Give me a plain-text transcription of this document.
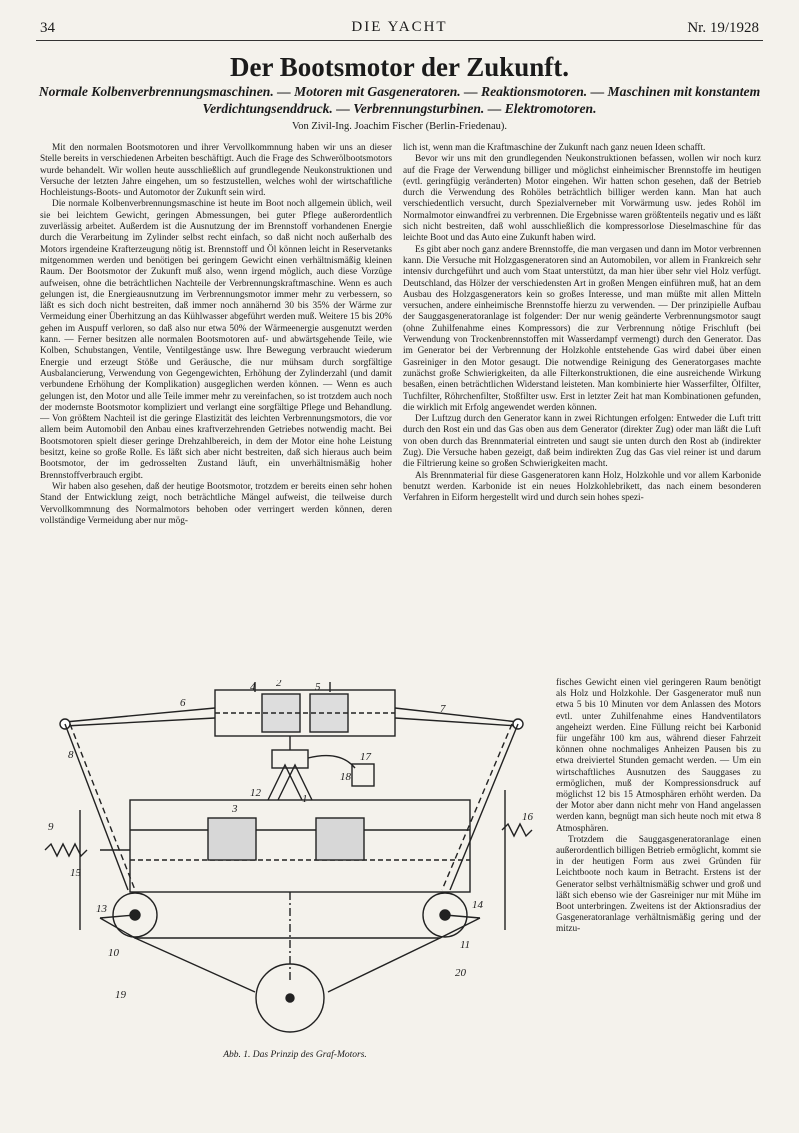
34	DIE YACHT	Nr. 19/1928
Der Bootsmotor der Zukunft.
Normale Kolbenverbrennungsmaschinen. — Motoren mit Gasgeneratoren. — Reaktionsmotoren. — Maschinen mit konstantem Verdichtungsenddruck. — Verbrennungsturbinen. — Elektromotoren.
Von Zivil-Ing. Joachim Fischer (Berlin-Friedenau).

Mit den normalen Bootsmotoren und ihrer Vervollkommnung haben wir uns an dieser Stelle bereits in verschiedenen Arbeiten beschäftigt. Auch die Frage des Schwerölbootsmotors wurde behandelt. Wir wollen heute ausschließlich auf grundlegende Neukonstruktionen und Versuche der letzten Jahre eingehen, um so festzustellen, welches wohl der wirtschaftliche Hochleistungs-Boots- und Automotor der Zukunft sein wird.

Die normale Kolbenverbrennungsmaschine ist heute im Boot noch allgemein üblich, weil sie bei leichtem Gewicht, geringen Abmessungen, bei guter Pflege außerordentlich zuverlässig arbeitet. Außerdem ist die Ausnutzung der im Brennstoff vorhandenen Energie durch die Verarbeitung im Zylinder selbst recht einfach, so daß nicht noch außerhalb des Motors irgendeine Krafterzeugung nötig ist. Brennstoff und Öl können leicht in Reservetanks mitgenommen werden und benötigen bei geringem Gewicht einen verhältnismäßig kleinen Raum. Der Bootsmotor der Zukunft muß also, wenn irgend möglich, auch diese Vorzüge aufweisen, ohne die beträchtlichen Nachteile der Verbrennungskraftmaschine. Wenn es auch gelungen ist, die Energieausnutzung im Verbrennungsmotor immer mehr zu verbessern, so läßt es sich doch nicht bestreiten, daß immer noch annähernd 30 bis 35% der Wärme zur Vermeidung einer Überhitzung an das Kühlwasser abgeführt werden muß. Weitere 15 bis 20% gehen im Auspuff verloren, so daß also nur etwa 50% der Wärmeenergie ausgenutzt werden kann. — Ferner besitzen alle normalen Bootsmotoren auf- und abwärtsgehende Teile, wie Kolben, Schubstangen, Ventile, Ventilgestänge usw. Ihre Bewegung verbraucht wiederum Energie und erzeugt Stöße und Geräusche, die nur mühsam durch sorgfältige Ausbalancierung, Verwendung von Gegengewichten, Erhöhung der Zylinderzahl (und damit verbundene Erhöhung der Komplikation) ausgeglichen werden können. — Wenn es auch gelungen ist, den Motor und alle Teile immer mehr zu vereinfachen, so ist trotzdem auch noch der modernste Bootsmotor kompliziert und verlangt eine sorgfältige Pflege und Behandlung. — Von größtem Nachteil ist die geringe Elastizität des leichten Verbrennungsmotors, die vor allem beim Automobil den Anbau eines kraftverzehrenden Getriebes notwendig macht. Bei Bootsmotoren spielt dieser geringe Drehzahlbereich, in dem der Motor eine hohe Leistung besitzt, keine so große Rolle. Es läßt sich aber nicht bestreiten, daß sich hieraus auch beim Bootsmotor, der im gedrosselten Zustand läuft, ein unverhältnismäßig hoher Brennstoffverbrauch ergibt.

Wir haben also gesehen, daß der heutige Bootsmotor, trotzdem er bereits einen sehr hohen Stand der Entwicklung zeigt, noch beträchtliche Mängel aufweist, die teilweise durch Vervollkommnung des Normalmotors behoben oder verringert werden können, deren vollständige Vermeidung aber nur mög-

lich ist, wenn man die Kraftmaschine der Zukunft nach ganz neuen Ideen schafft.

Bevor wir uns mit den grundlegenden Neukonstruktionen befassen, wollen wir noch kurz auf die Frage der Verwendung billiger und möglichst einheimischer Brennstoffe im heutigen (evtl. geringfügig veränderten) Motor eingehen. Wir hatten schon gesehen, daß der Betrieb durch die Verwendung des Rohöles beträchtlich billiger werden kann. Man hat auch verschiedentlich versucht, durch Spezialverneber mit Vorwärmung usw. jedes Rohöl im Normalmotor einwandfrei zu verbrennen. Die Ergebnisse waren größtenteils negativ und es läßt sich nicht bestreiten, daß wohl ausschließlich die kompressorlose Dieselmaschine für das leichte Boot und das Auto eine Zukunft haben wird.

Es gibt aber noch ganz andere Brennstoffe, die man vergasen und dann im Motor verbrennen kann. Die Versuche mit Holzgasgeneratoren sind an Automobilen, vor allem in Frankreich sehr intensiv durchgeführt und auch vom Staat unterstützt, da man hier über sehr viel Holz verfügt. Deutschland, das Hölzer der verschiedensten Art in großen Mengen einführen muß, hat an dem Ausbau des Holzgasgenerators kein so großes Interesse, und man müßte mit allen Mitteln versuchen, andere einheimische Brennstoffe hierzu zu verwenden. — Der prinzipielle Aufbau der Sauggasgeneratoranlage ist folgender: Der nur wenig geänderte Verbrennungsmotor saugt (ohne Zuhilfenahme eines Kompressors) die zur Verbrennung nötige Frischluft (bei Verwendung von Trockenbrennstoffen mit Wasserdampf vermengt) durch den Generator. Das im Generator bei der Verbrennung der Holzkohle entstehende Gas wird dabei über einen Gasreiniger in den Motor gesaugt. Die notwendige Reinigung des Generatorgases machte zunächst große Schwierigkeiten, da alle Filterkonstruktionen, die eine ausreichende Wirkung besaßen, einen beträchtlichen Widerstand leisteten. Man kombinierte hier Wasserfilter, Ölfilter, Tuchfilter, Röhrchenfilter, Stoßfilter usw. Erst in letzter Zeit hat man Kombinationen gefunden, die wirklich mit Erfolg angewendet werden können.

Der Luftzug durch den Generator kann in zwei Richtungen erfolgen: Entweder die Luft tritt durch den Rost ein und das Gas oben aus dem Generator (direkter Zug) oder man läßt die Luft von oben durch das Brennmaterial eintreten und saugt sie unten durch den Rost ab (indirekter Zug). Die Versuche haben gezeigt, daß beim indirekten Zug das Gas viel reiner ist und darum die Filtrierung keine so großen Schwierigkeiten macht.

Als Brennmaterial für diese Gasgeneratoren kann Holz, Holzkohle und vor allem Karbonide benutzt werden. Karbonide ist ein neues Holzkohlebrikett, das nach einem besonderen Verfahren in Eiform hergestellt wird und durch sein hohes spezi-

fisches Gewicht einen viel geringeren Raum benötigt als Holz und Holzkohle. Der Gasgenerator muß nun etwa 5 bis 10 Minuten vor dem Anlassen des Motors evtl. unter Zuhilfenahme eines Handventilators angeheizt werden. Eine Füllung reicht bei Karbonid für ungefähr 100 km aus, während dieser Fahrzeit können ohne nochmaliges Anheizen Pausen bis zu etwa dreiviertel Stunden gemacht werden. — Um ein wirtschaftliches Ausnutzen des Sauggases zu ermöglichen, muß der Kompressionsdruck auf möglichst 12 bis 15 Atmosphären erhöht werden. Da der Motor aber dann nicht mehr von Hand angelassen werden kann, begnügt man sich heute noch mit etwa 8 Atmosphären.

Trotzdem die Sauggasgeneratoranlage einen außerordentlich billigen Betrieb ermöglicht, kommt sie in der heutigen Form aus zwei Gründen für Leichtboote noch kaum in Betracht. Erstens ist der Generator selbst verhältnismäßig schwer und groß und läßt sich ebenso wie der Gasreiniger nur mit Mühe im Boot unterbringen. Zweitens ist der Aktionsradius der Gasgeneratoranlage verhältnismäßig gering und der mitzu-

4	5
6	7
8	17
18
1
12
3
9
16
15
13	14
10
11
19
20
2
Abb. 1. Das Prinzip des Graf-Motors.
